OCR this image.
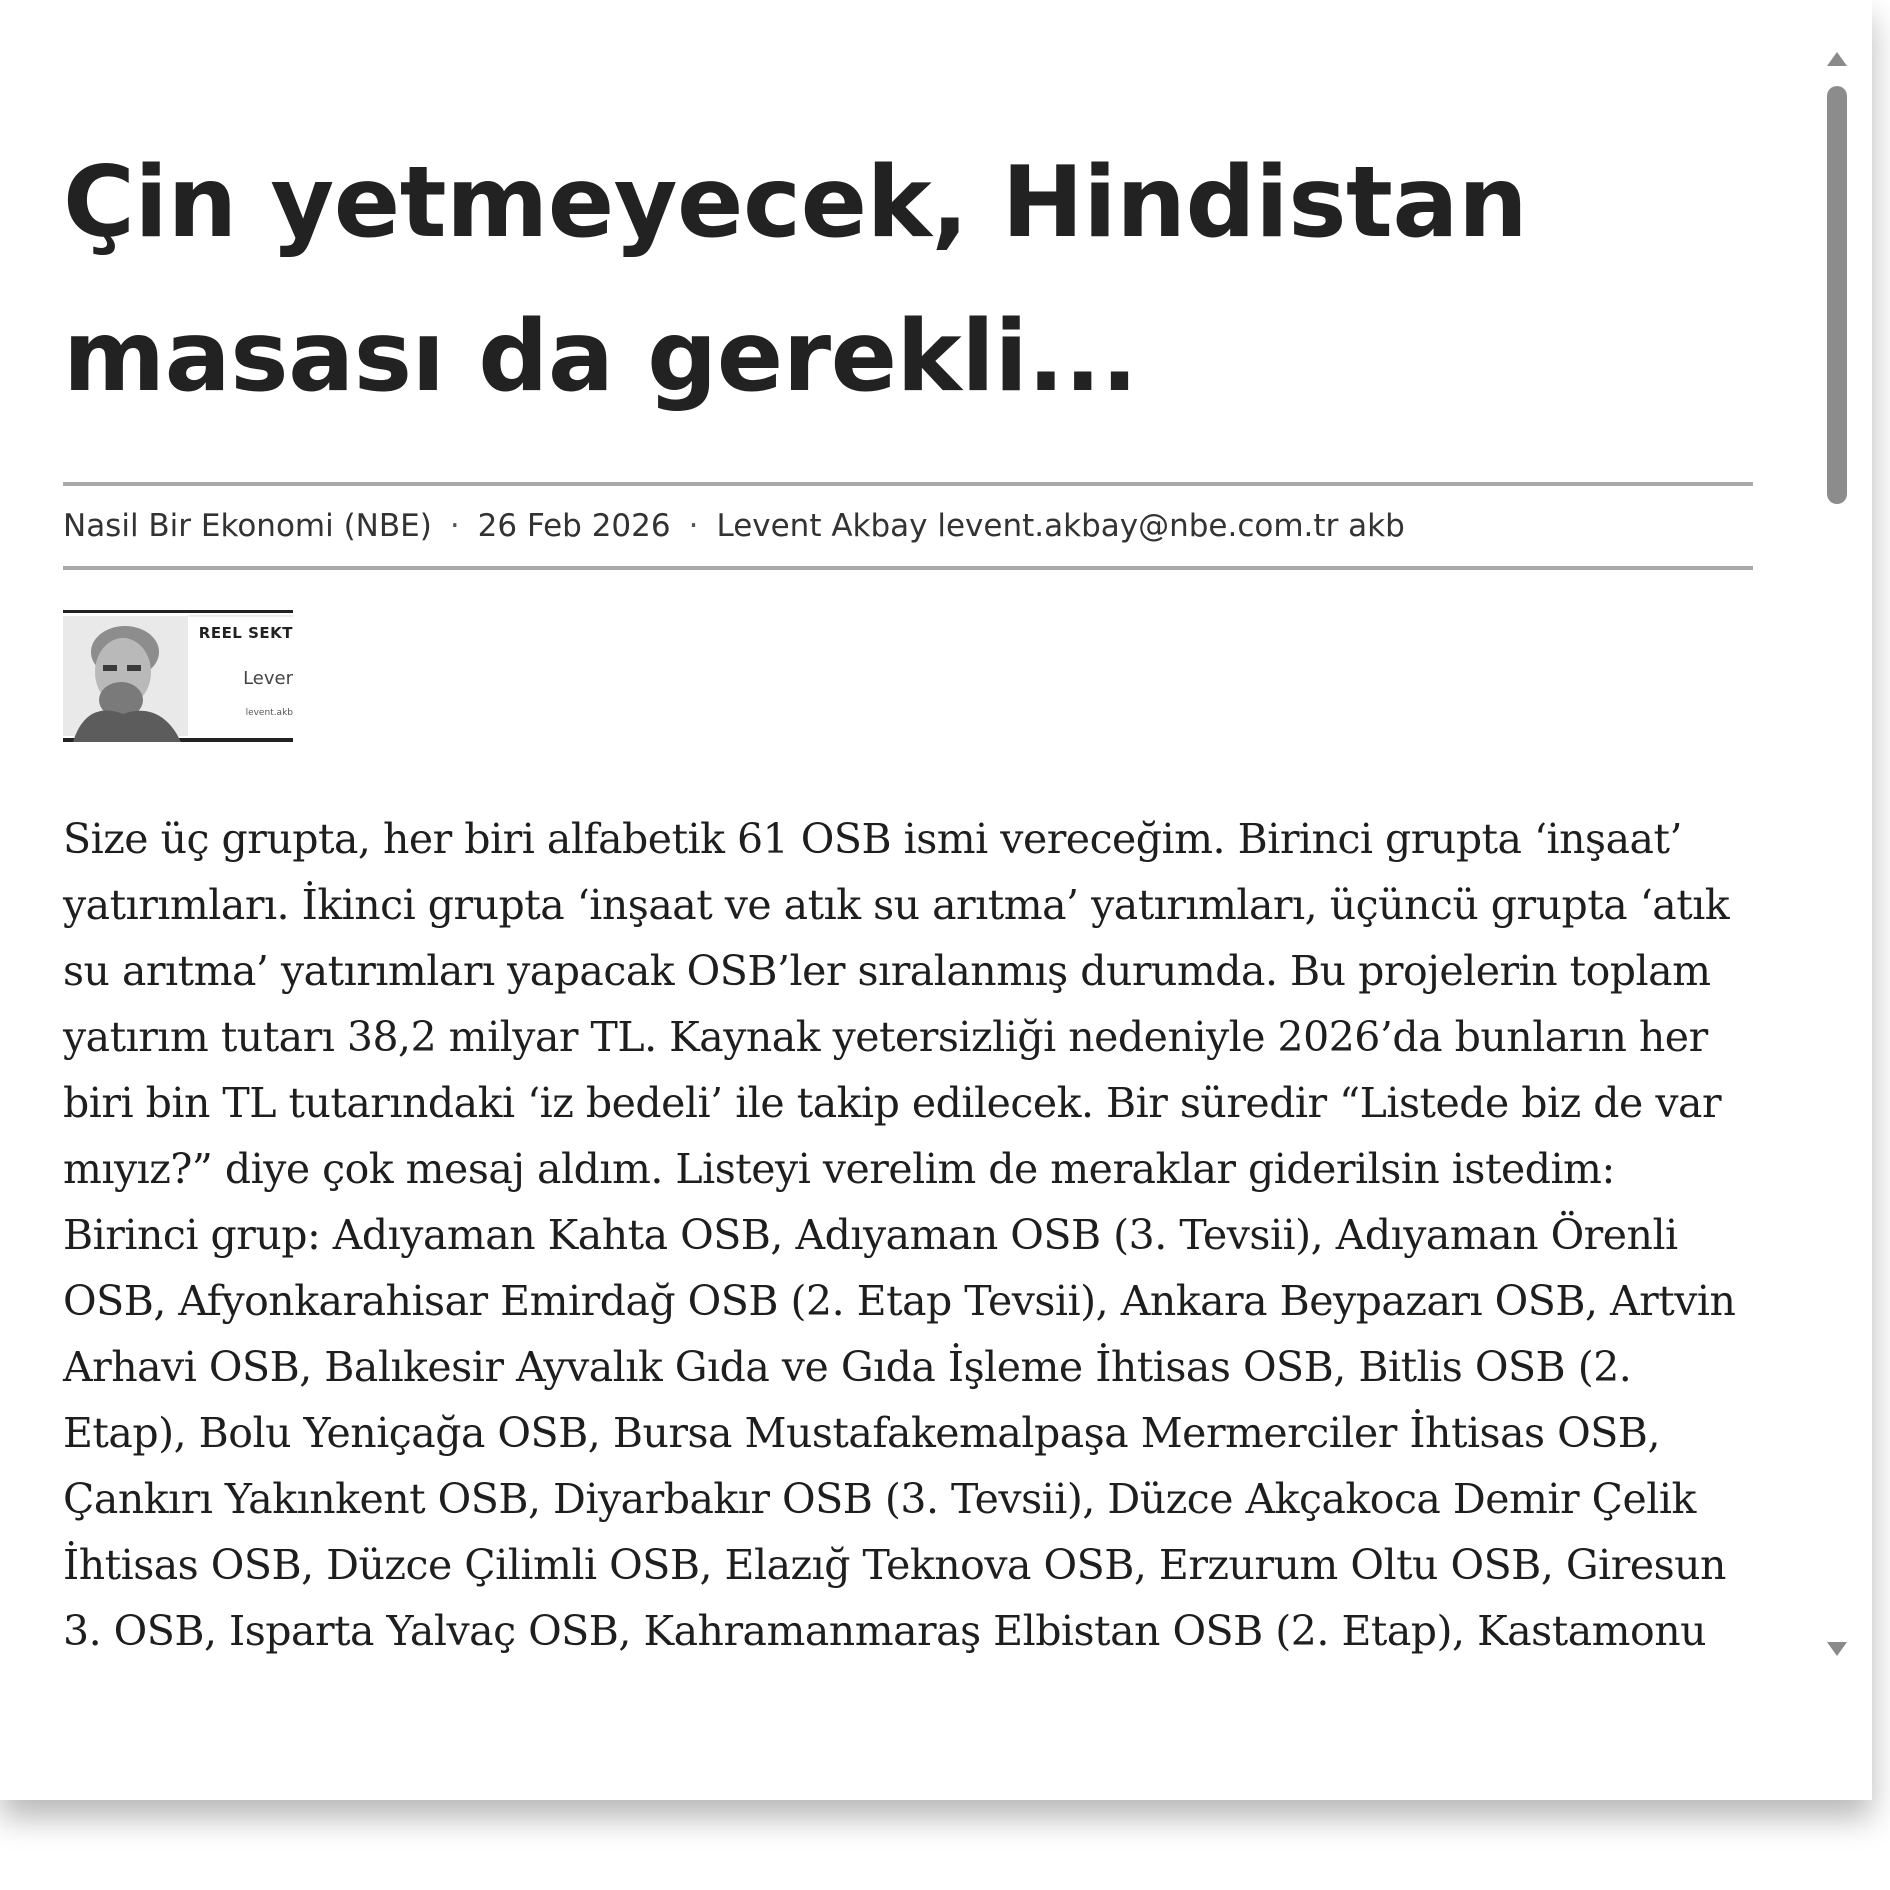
Çin yetmeyecek, Hindistan masası da gerekli...
Nasil Bir Ekonomi (NBE) · 26 Feb 2026 · Levent Akbay levent.akbay@nbe.com.tr akb
REEL SEKT
Lever
levent.akb

Size üç grupta, her biri alfabetik 61 OSB ismi vereceğim. Birinci grupta ‘inşaat’ yatırımları. İkinci grupta ‘inşaat ve atık su arıtma’ yatırımları, üçüncü grupta ‘atık su arıtma’ yatırımları yapacak OSB’ler sıralanmış durumda. Bu projelerin toplam yatırım tutarı 38,2 milyar TL. Kaynak yetersizliği nedeniyle 2026’da bunların her biri bin TL tutarındaki ‘iz bedeli’ ile takip edilecek. Bir süredir “Listede biz de var mıyız?” diye çok mesaj aldım. Listeyi verelim de meraklar giderilsin istedim:

Birinci grup: Adıyaman Kahta OSB, Adıyaman OSB (3. Tevsii), Adıyaman Örenli OSB, Afyonkarahisar Emirdağ OSB (2. Etap Tevsii), Ankara Beypazarı OSB, Artvin Arhavi OSB, Balıkesir Ayvalık Gıda ve Gıda İşleme İhtisas OSB, Bitlis OSB (2. Etap), Bolu Yeniçağa OSB, Bursa Mustafakemalpaşa Mermerciler İhtisas OSB, Çankırı Yakınkent OSB, Diyarbakır OSB (3. Tevsii), Düzce Akçakoca Demir Çelik İhtisas OSB, Düzce Çilimli OSB, Elazığ Teknova OSB, Erzurum Oltu OSB, Giresun 3. OSB, Isparta Yalvaç OSB, Kahramanmaraş Elbistan OSB (2. Etap), Kastamonu
